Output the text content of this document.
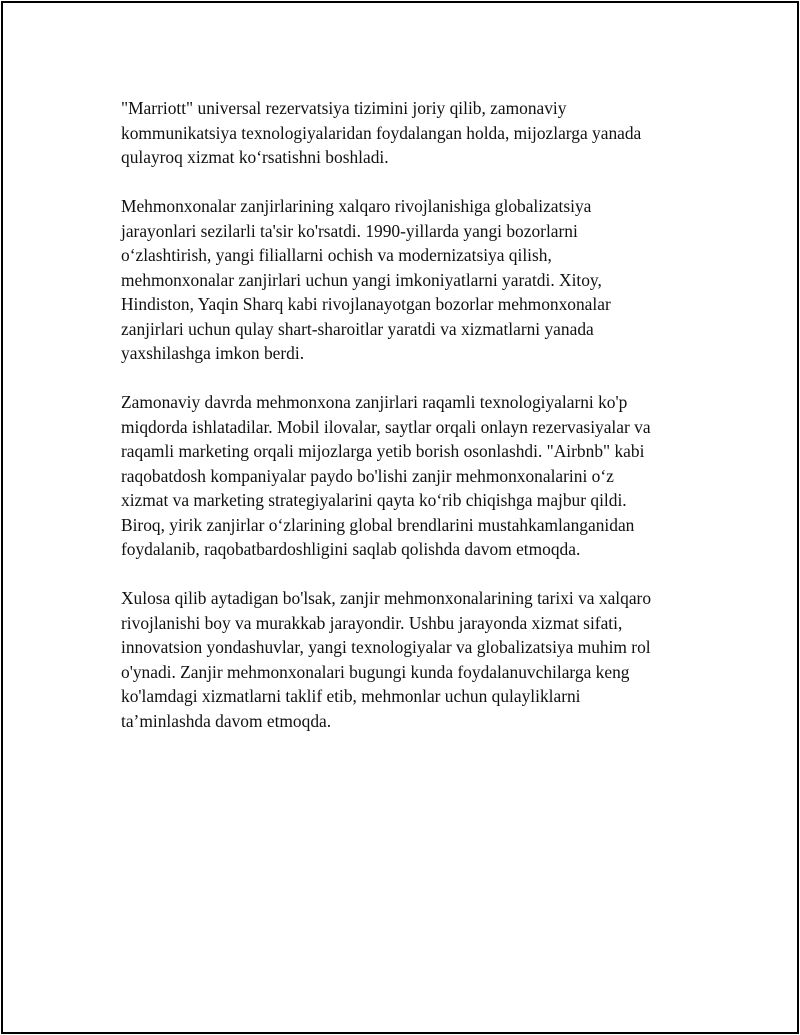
"Marriott" universal rezervatsiya tizimini joriy qilib, zamonaviy
kommunikatsiya texnologiyalaridan foydalangan holda, mijozlarga yanada
qulayroq xizmat koʻrsatishni boshladi.

Mehmonxonalar zanjirlarining xalqaro rivojlanishiga globalizatsiya
jarayonlari sezilarli ta'sir ko'rsatdi. 1990-yillarda yangi bozorlarni
oʻzlashtirish, yangi filiallarni ochish va modernizatsiya qilish,
mehmonxonalar zanjirlari uchun yangi imkoniyatlarni yaratdi. Xitoy,
Hindiston, Yaqin Sharq kabi rivojlanayotgan bozorlar mehmonxonalar
zanjirlari uchun qulay shart-sharoitlar yaratdi va xizmatlarni yanada
yaxshilashga imkon berdi.

Zamonaviy davrda mehmonxona zanjirlari raqamli texnologiyalarni ko'p
miqdorda ishlatadilar. Mobil ilovalar, saytlar orqali onlayn rezervasiyalar va
raqamli marketing orqali mijozlarga yetib borish osonlashdi. "Airbnb" kabi
raqobatdosh kompaniyalar paydo bo'lishi zanjir mehmonxonalarini oʻz
xizmat va marketing strategiyalarini qayta koʻrib chiqishga majbur qildi.
Biroq, yirik zanjirlar oʻzlarining global brendlarini mustahkamlanganidan
foydalanib, raqobatbardoshligini saqlab qolishda davom etmoqda.

Xulosa qilib aytadigan bo'lsak, zanjir mehmonxonalarining tarixi va xalqaro
rivojlanishi boy va murakkab jarayondir. Ushbu jarayonda xizmat sifati,
innovatsion yondashuvlar, yangi texnologiyalar va globalizatsiya muhim rol
o'ynadi. Zanjir mehmonxonalari bugungi kunda foydalanuvchilarga keng
ko'lamdagi xizmatlarni taklif etib, mehmonlar uchun qulayliklarni
taʼminlashda davom etmoqda.
